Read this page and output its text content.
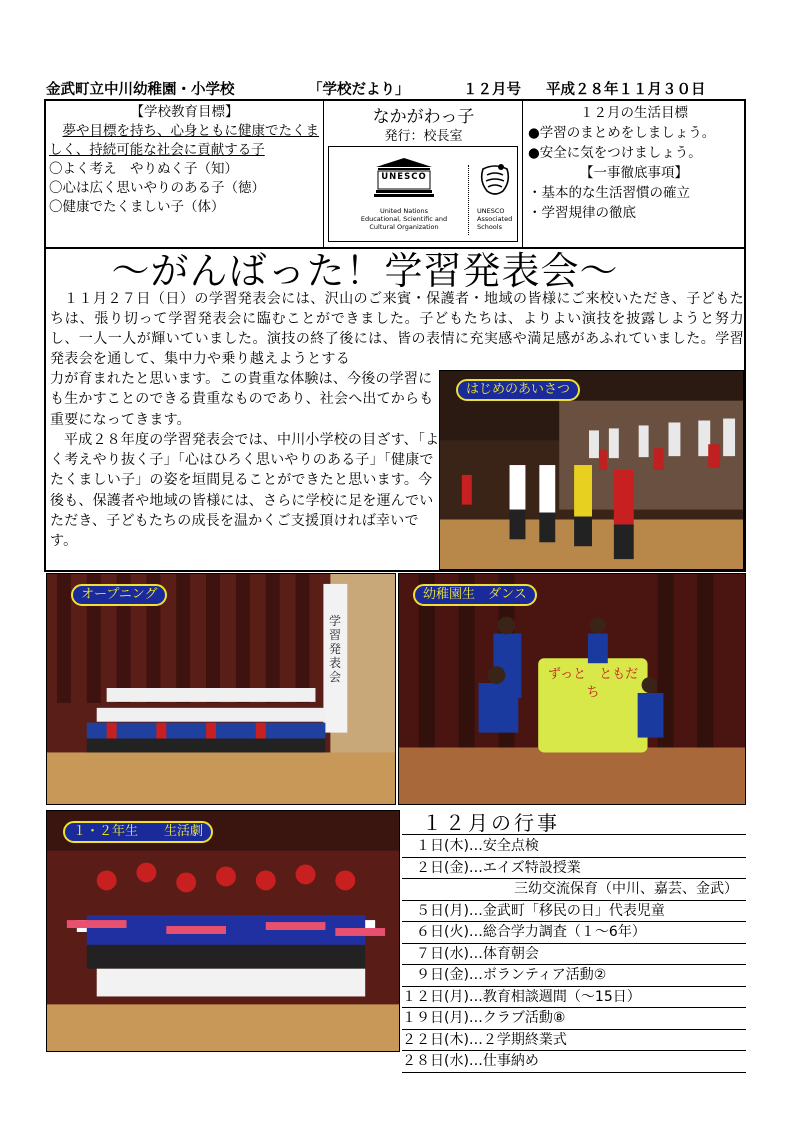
金武町立中川幼稚園・小学校	「学校だより」	１２月号 平成２８年１１月３０日
【学校教育目標】
夢や目標を持ち、心身ともに健康でたくましく、持続可能な社会に貢献する子
〇よく考え　やりぬく子（知）
〇心は広く思いやりのある子（徳）
〇健康でたくましい子（体）
なかがわっ子
発行：校長室
UNESCO
United Nations
Educational, Scientific and
Cultural Organization
UNESCO
Associated
Schools
１２月の生活目標
●学習のまとめをしましょう。
●安全に気をつけましょう。
【一事徹底事項】
・基本的な生活習慣の確立
・学習規律の徹底
～がんばった！学習発表会～
１１月２７日（日）の学習発表会には、沢山のご来賓・保護者・地域の皆様にご来校いただき、子どもたちは、張り切って学習発表会に臨むことができました。子どもたちは、よりよい演技を披露しようと努力し、一人一人が輝いていました。演技の終了後には、皆の表情に充実感や満足感があふれていました。学習発表会を通して、集中力や乗り越えようとする
力が育まれたと思います。この貴重な体験は、今後の学習にも生かすことのできる貴重なものであり、社会へ出てからも重要になってきます。
平成２８年度の学習発表会では、中川小学校の目ざす、「よく考えやり抜く子」「心はひろく思いやりのある子」「健康でたくましい子」の姿を垣間見ることができたと思います。今後も、保護者や地域の皆様には、さらに学校に足を運んでいただき、子どもたちの成長を温かくご支援頂ければ幸いです。
はじめのあいさつ
学習発表会
オープニング
ずっと　ともだち
幼稚園生　ダンス
１・２年生　　生活劇	１２月の行事
　１日(木)…安全点検
　２日(金)…エイズ特設授業
　　　　　　　　三幼交流保育（中川、嘉芸、金武）
　５日(月)…金武町「移民の日」代表児童
　６日(火)…総合学力調査（１～6年）
　７日(水)…体育朝会
　９日(金)…ボランティア活動②
１２日(月)…教育相談週間（～15日）
１９日(月)…クラブ活動⑧
２２日(木)…２学期終業式
２８日(水)…仕事納め
